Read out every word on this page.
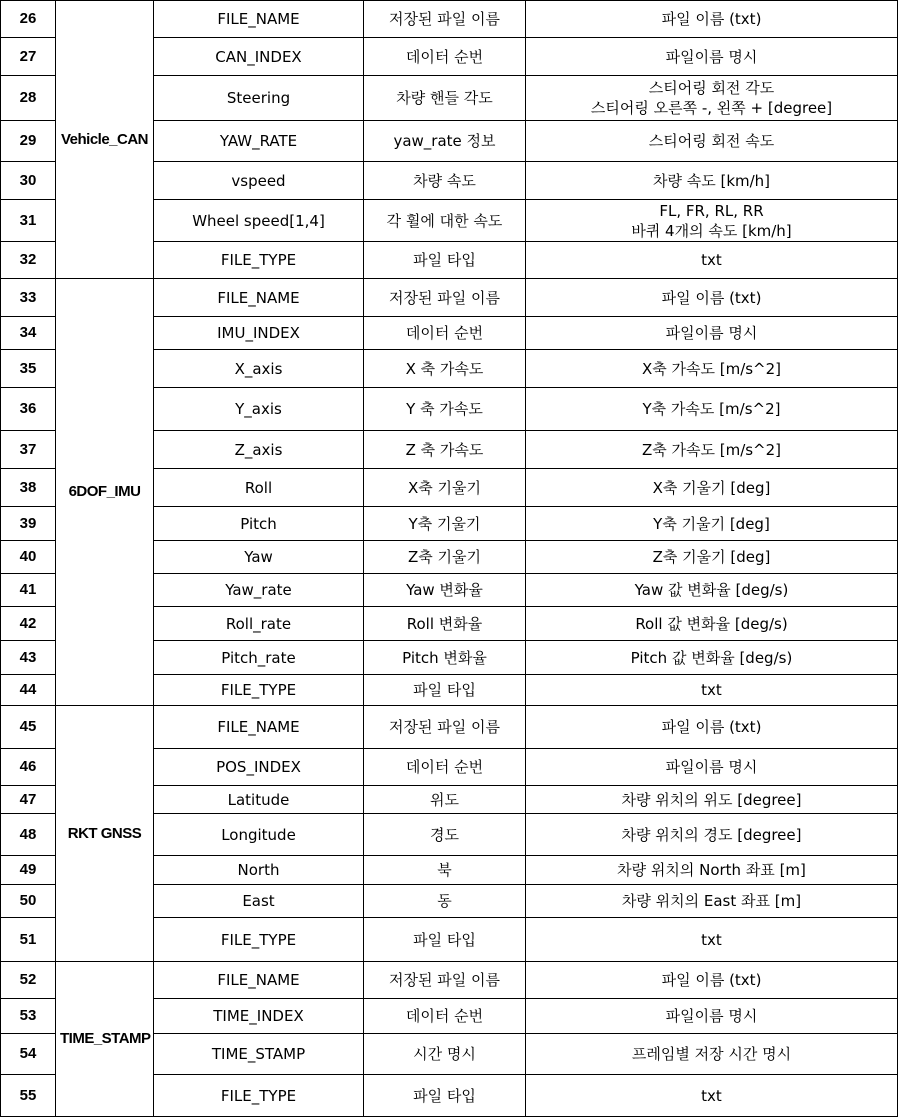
26	Vehicle_CAN	FILE_NAME	저장된 파일 이름	파일 이름 (txt)
27		CAN_INDEX	데이터 순번	파일이름 명시
28		Steering	차량 핸들 각도	스티어링 회전 각도
스티어링 오른쪽 -, 왼쪽 + [degree]
29		YAW_RATE	yaw_rate 정보	스티어링 회전 속도
30		vspeed	차량 속도	차량 속도 [km/h]
31		Wheel speed[1,4]	각 휠에 대한 속도	FL, FR, RL, RR
바퀴 4개의 속도 [km/h]
32		FILE_TYPE	파일 타입	txt
33	6DOF_IMU	FILE_NAME	저장된 파일 이름	파일 이름 (txt)
34		IMU_INDEX	데이터 순번	파일이름 명시
35		X_axis	X 축 가속도	X축 가속도 [m/s^2]
36		Y_axis	Y 축 가속도	Y축 가속도 [m/s^2]
37		Z_axis	Z 축 가속도	Z축 가속도 [m/s^2]
38		Roll	X축 기울기	X축 기울기 [deg]
39		Pitch	Y축 기울기	Y축 기울기 [deg]
40		Yaw	Z축 기울기	Z축 기울기 [deg]
41		Yaw_rate	Yaw 변화율	Yaw 값 변화율 [deg/s)
42		Roll_rate	Roll 변화율	Roll 값 변화율 [deg/s)
43		Pitch_rate	Pitch 변화율	Pitch 값 변화율 [deg/s)
44		FILE_TYPE	파일 타입	txt
45	RKT GNSS	FILE_NAME	저장된 파일 이름	파일 이름 (txt)
46		POS_INDEX	데이터 순번	파일이름 명시
47		Latitude	위도	차량 위치의 위도 [degree]
48		Longitude	경도	차량 위치의 경도 [degree]
49		North	북	차량 위치의 North 좌표 [m]
50		East	동	차량 위치의 East 좌표 [m]
51		FILE_TYPE	파일 타입	txt
52	TIME_STAMP	FILE_NAME	저장된 파일 이름	파일 이름 (txt)
53		TIME_INDEX	데이터 순번	파일이름 명시
54		TIME_STAMP	시간 명시	프레임별 저장 시간 명시
55		FILE_TYPE	파일 타입	txt
